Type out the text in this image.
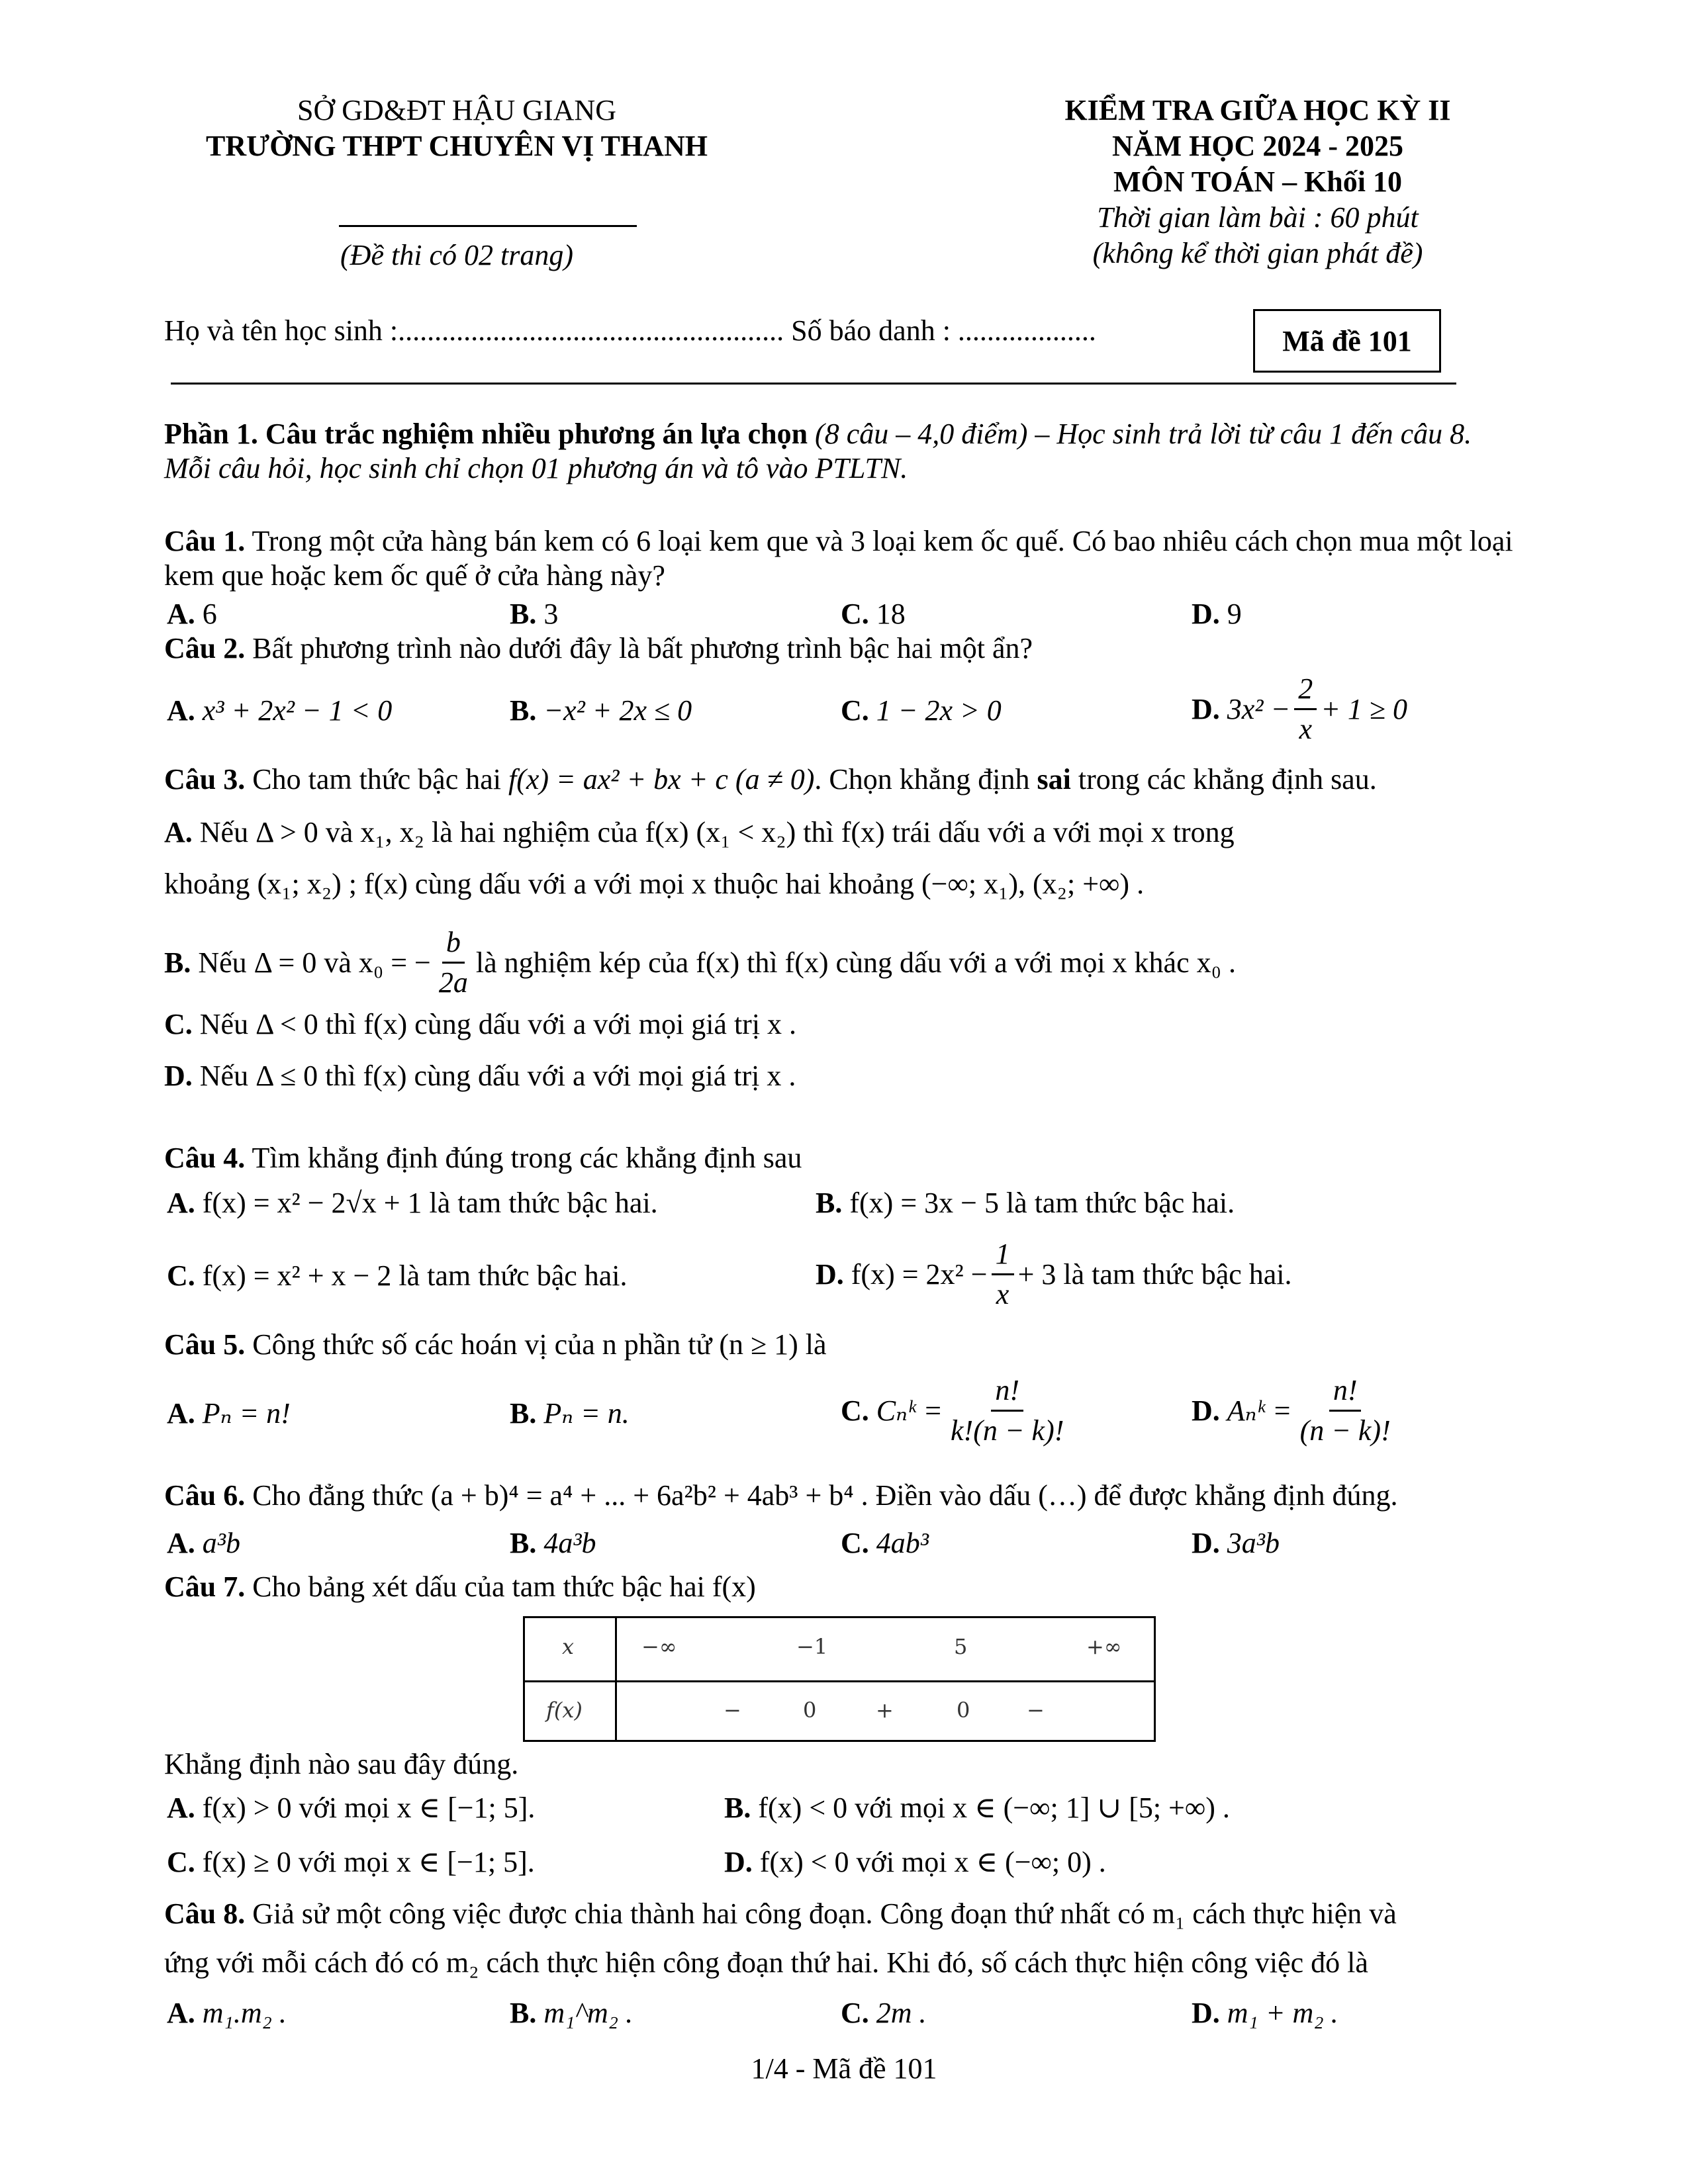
SỞ GD&ĐT HẬU GIANG
TRƯỜNG THPT CHUYÊN VỊ THANH
(Đề thi có 02 trang)
KIỂM TRA GIỮA HỌC KỲ II
NĂM HỌC 2024 - 2025
MÔN TOÁN – Khối 10
Thời gian làm bài : 60 phút
(không kể thời gian phát đề)
Họ và tên học sinh :..................................................... Số báo danh : ...................	Mã đề 101
Phần 1. Câu trắc nghiệm nhiều phương án lựa chọn (8 câu – 4,0 điểm) – Học sinh trả lời từ câu 1 đến câu 8. Mỗi câu hỏi, học sinh chỉ chọn 01 phương án và tô vào PTLTN.
Câu 1. Trong một cửa hàng bán kem có 6 loại kem que và 3 loại kem ốc quế. Có bao nhiêu cách chọn mua một loại kem que hoặc kem ốc quế ở cửa hàng này?
A. 6	B. 3	C. 18	D. 9
Câu 2. Bất phương trình nào dưới đây là bất phương trình bậc hai một ẩn?
A. x³ + 2x² − 1 < 0	B. −x² + 2x ≤ 0	C. 1 − 2x > 0	D.
$3x^2 - \frac{2}{x} + 1 \ge 0$
Câu 3. Cho tam thức bậc hai f(x) = ax² + bx + c (a ≠ 0). Chọn khẳng định sai trong các khẳng định sau.
A. Nếu Δ > 0 và x₁, x₂ là hai nghiệm của f(x) (x₁ < x₂) thì f(x) trái dấu với a với mọi x trong
khoảng (x₁; x₂) ; f(x) cùng dấu với a với mọi x thuộc hai khoảng (−∞; x₁), (x₂; +∞) .
B.
Nếu Δ = 0 và x₀ = − $\frac{b}{2a}$ là nghiệm kép của f(x) thì f(x) cùng dấu với a với mọi x khác x₀ .
C. Nếu Δ < 0 thì f(x) cùng dấu với a với mọi giá trị x .
D. Nếu Δ ≤ 0 thì f(x) cùng dấu với a với mọi giá trị x .
Câu 4. Tìm khẳng định đúng trong các khẳng định sau
A. f(x) = x² − 2√x + 1 là tam thức bậc hai.	B. f(x) = 3x − 5 là tam thức bậc hai.
C. f(x) = x² + x − 2 là tam thức bậc hai.	D.
$f(x) = 2x^2 - \frac{1}{x} + 3$ là tam thức bậc hai.
Câu 5. Công thức số các hoán vị của n phần tử (n ≥ 1) là
A. Pₙ = n!	B. Pₙ = n.	C.
Cₙᵏ = $\frac{n!}{k!(n - k)!}$	D.
Aₙᵏ = $\frac{n!}{(n - k)!}$
Câu 6. Cho đẳng thức (a + b)⁴ = a⁴ + ... + 6a²b² + 4ab³ + b⁴ . Điền vào dấu (…) để được khẳng định đúng.
A. a³b	B. 4a³b	C. 4ab³	D. 3a³b
Câu 7. Cho bảng xét dấu của tam thức bậc hai f(x)
x	−∞	−1	5	+∞
f(x)	−	0	+	0	−
Khẳng định nào sau đây đúng.
A. f(x) > 0 với mọi x ∈ [−1; 5].	B. f(x) < 0 với mọi x ∈ (−∞; 1] ∪ [5; +∞) .
C. f(x) ≥ 0 với mọi x ∈ [−1; 5].	D. f(x) < 0 với mọi x ∈ (−∞; 0) .
Câu 8. Giả sử một công việc được chia thành hai công đoạn. Công đoạn thứ nhất có m₁ cách thực hiện và
ứng với mỗi cách đó có m₂ cách thực hiện công đoạn thứ hai. Khi đó, số cách thực hiện công việc đó là
A. m₁.m₂ .	B. m₁^m₂ .	C. 2m .	D. m₁ + m₂ .
1/4 - Mã đề 101
